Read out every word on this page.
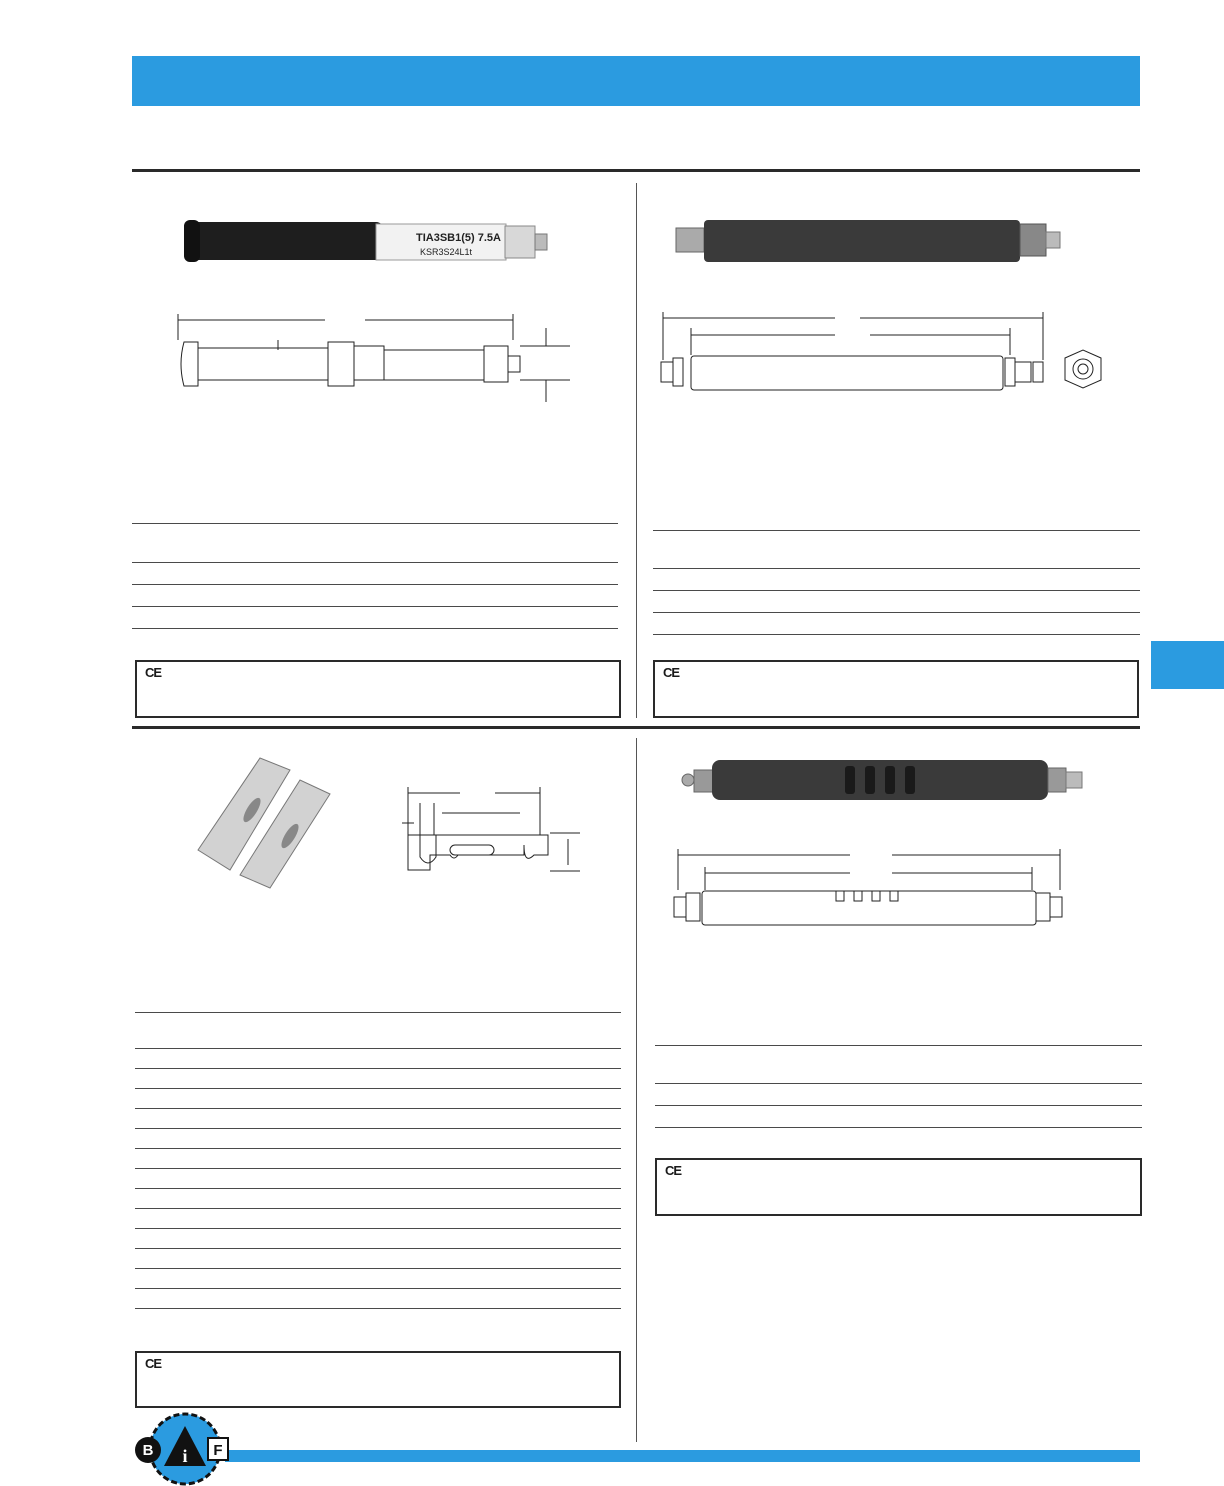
TIA3SB1(5) 7.5A
KSR3S24L1t
CE	CE
CE
CE
B i F
